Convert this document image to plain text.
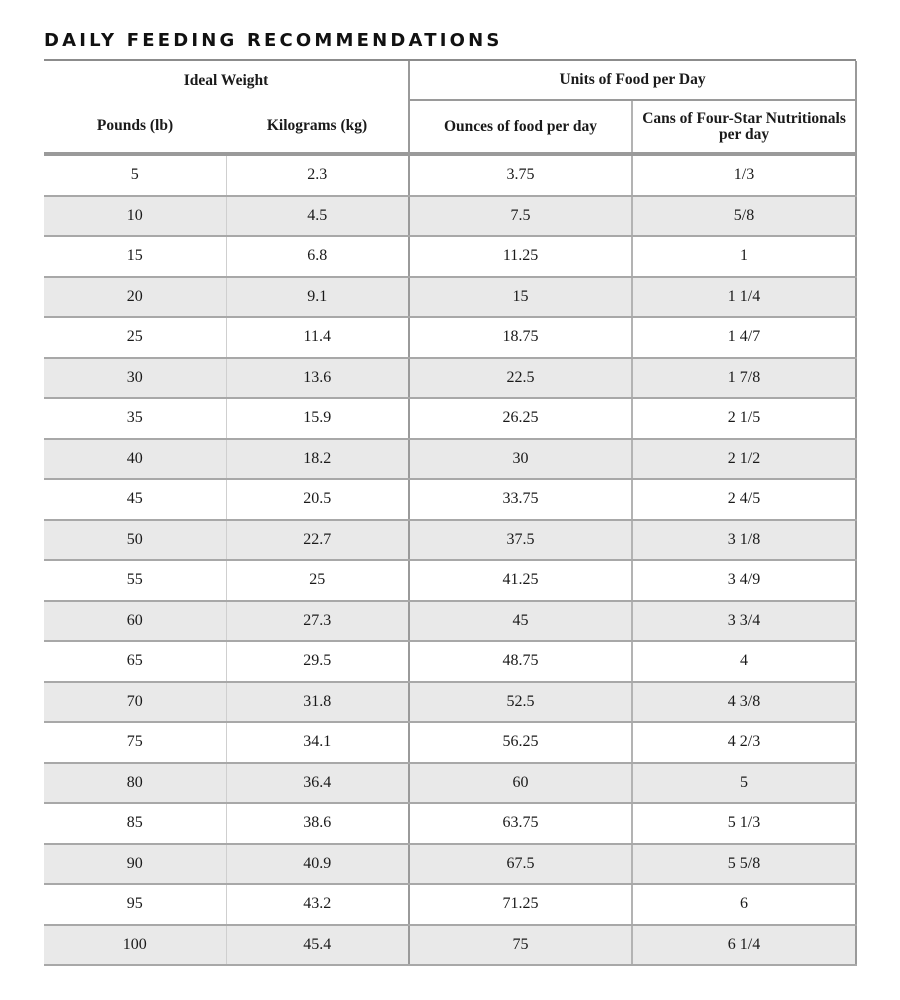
DAILY FEEDING RECOMMENDATIONS
Ideal Weight		Units of Food per Day	
Pounds (lb)	Kilograms (kg)	Ounces of food per day	Cans of Four-Star Nutritionals
per day
5	2.3	3.75	1/3
10	4.5	7.5	5/8
15	6.8	11.25	1
20	9.1	15	1 1/4
25	11.4	18.75	1 4/7
30	13.6	22.5	1 7/8
35	15.9	26.25	2 1/5
40	18.2	30	2 1/2
45	20.5	33.75	2 4/5
50	22.7	37.5	3 1/8
55	25	41.25	3 4/9
60	27.3	45	3 3/4
65	29.5	48.75	4
70	31.8	52.5	4 3/8
75	34.1	56.25	4 2/3
80	36.4	60	5
85	38.6	63.75	5 1/3
90	40.9	67.5	5 5/8
95	43.2	71.25	6
100	45.4	75	6 1/4
